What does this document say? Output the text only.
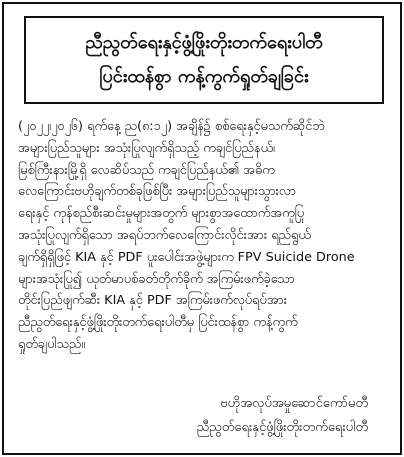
ညီညွတ်ရေးနှင့်ဖွံ့ဖြိုးတိုးတက်ရေးပါတီ
ပြင်းထန်စွာ ကန့်ကွက်ရှုတ်ချခြင်း
(၂၀၂၂၊၂၀၂၆) ရက်နေ့ ည(၈:၁၂) အချိန်၌ စစ်ရေးနှင့်မသက်ဆိုင်ဘဲ
အများပြည်သူများ အသုံးပြုလျက်ရှိသည့် ကချင်ပြည်နယ်၊
မြစ်ကြီးနားမြို့ရှိ လေဆိပ်သည် ကချင်ပြည်နယ်၏ အဓိက
လေကြောင်းဗဟိုချက်တစ်ခုဖြစ်ပြီး အများပြည်သူများသွားလာ
ရေးနှင့် ကုန်စည်စီးဆင်းမှုများအတွက် များစွာအထောက်အကူပြု
အသုံးပြုလျက်ရှိသော အရပ်ဘက်လေကြောင်းလိုင်းအား ရည်ရွယ်
ချက်ရှိရှိဖြင့် KIA နှင့် PDF ပူးပေါင်းအဖွဲ့များက FPV Suicide Drone
များအသုံးပြု၍ ယုတ်မာပစ်ခတ်တိုက်ခိုက် အကြမ်းဖက်ခဲ့သော
တိုင်းပြည်ဖျက်ဆီး KIA နှင့် PDF အကြမ်းဖက်လုပ်ရပ်အား
ညီညွတ်ရေးနှင့်ဖွံ့ဖြိုးတိုးတက်ရေးပါတီမှ ပြင်းထန်စွာ ကန့်ကွက်
ရှုတ်ချပါသည်။
ဗဟိုအလုပ်အမှုဆောင်ကော်မတီ
ညီညွတ်ရေးနှင့်ဖွံ့ဖြိုးတိုးတက်ရေးပါတီ
